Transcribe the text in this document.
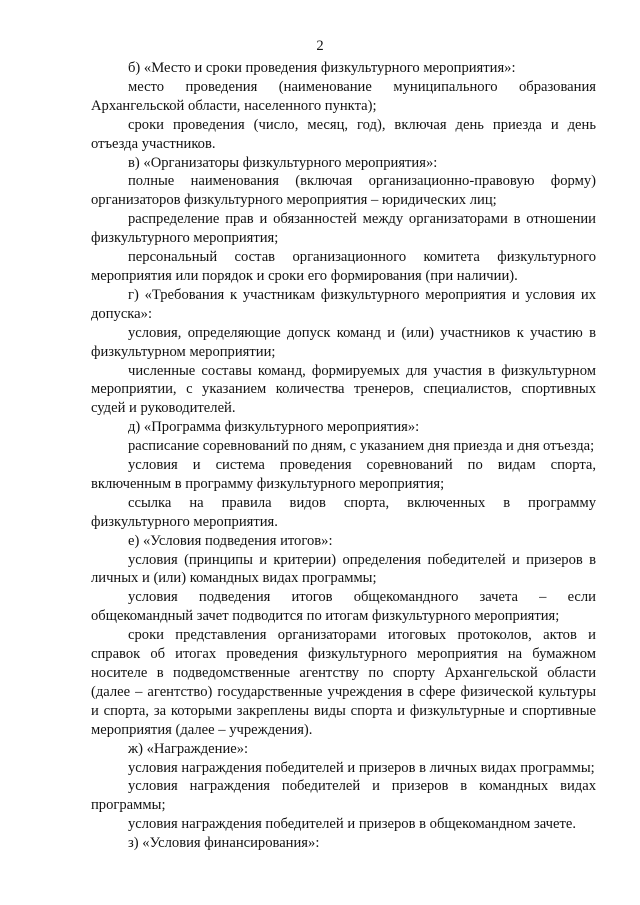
2

б) «Место и сроки проведения физкультурного мероприятия»:

место проведения (наименование муниципального образования Архангельской области, населенного пункта);

сроки проведения (число, месяц, год), включая день приезда и день отъезда участников.

в) «Организаторы физкультурного мероприятия»:

полные наименования (включая организационно-правовую форму) организаторов физкультурного мероприятия – юридических лиц;

распределение прав и обязанностей между организаторами в отношении физкультурного мероприятия;

персональный состав организационного комитета физкультурного мероприятия или порядок и сроки его формирования (при наличии).

г) «Требования к участникам физкультурного мероприятия и условия их допуска»:

условия, определяющие допуск команд и (или) участников к участию в физкультурном мероприятии;

численные составы команд, формируемых для участия в физкультурном мероприятии, с указанием количества тренеров, специалистов, спортивных судей и руководителей.

д) «Программа физкультурного мероприятия»:

расписание соревнований по дням, с указанием дня приезда и дня отъезда;

условия и система проведения соревнований по видам спорта, включенным в программу физкультурного мероприятия;

ссылка на правила видов спорта, включенных в программу физкультурного мероприятия.

е) «Условия подведения итогов»:

условия (принципы и критерии) определения победителей и призеров в личных и (или) командных видах программы;

условия подведения итогов общекомандного зачета – если общекомандный зачет подводится по итогам физкультурного мероприятия;

сроки представления организаторами итоговых протоколов, актов и справок об итогах проведения физкультурного мероприятия на бумажном носителе в подведомственные агентству по спорту Архангельской области (далее – агентство) государственные учреждения в сфере физической культуры и спорта, за которыми закреплены виды спорта и физкультурные и спортивные мероприятия (далее – учреждения).

ж) «Награждение»:

условия награждения победителей и призеров в личных видах программы;

условия награждения победителей и призеров в командных видах программы;

условия награждения победителей и призеров в общекомандном зачете.

з) «Условия финансирования»:
